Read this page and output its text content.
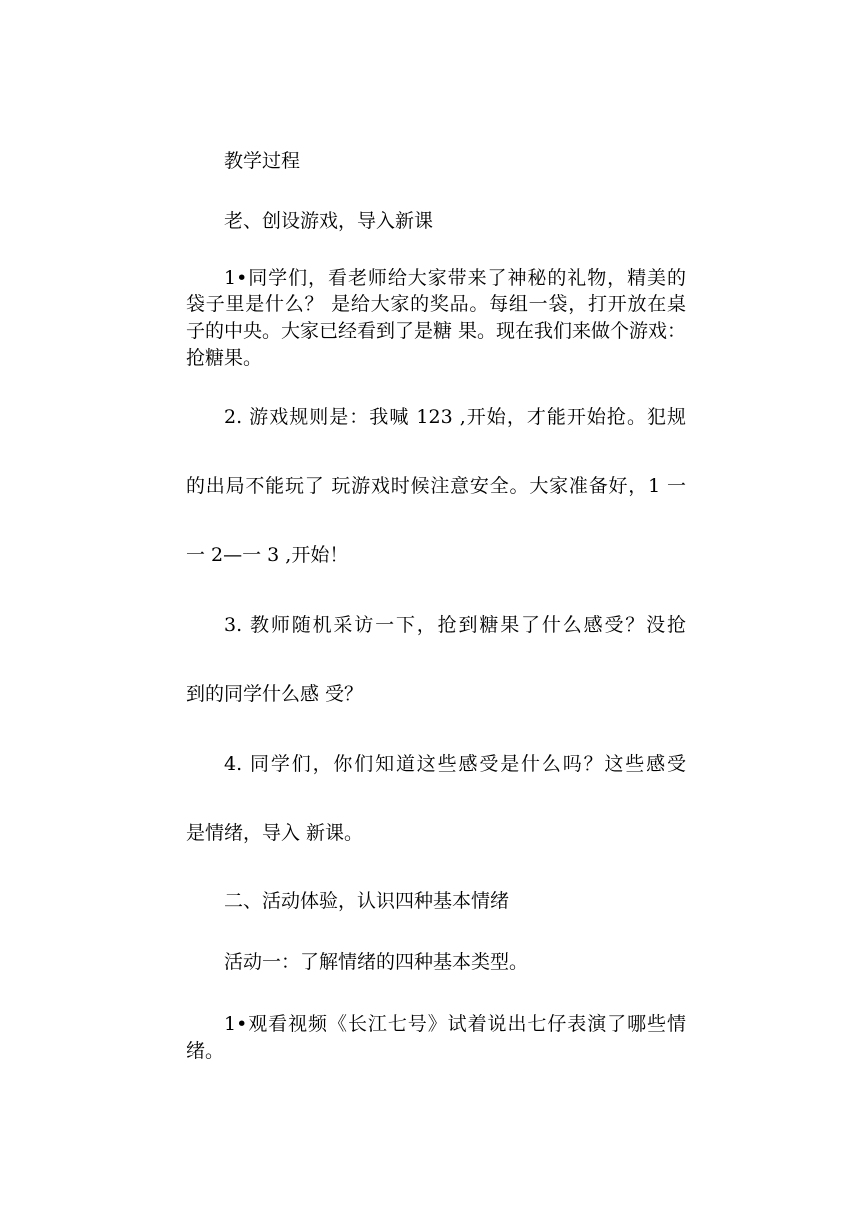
教学过程
老、创设游戏，导入新课
1•同学们，看老师给大家带来了神秘的礼物，精美的
袋子里是什么？ 是给大家的奖品。每组一袋，打开放在桌
子的中央。大家已经看到了是糖 果。现在我们来做个游戏：
抢糖果。
2. 游戏规则是：我喊 123 ,开始，才能开始抢。犯规
的出局不能玩了 玩游戏时候注意安全。大家准备好，1 一
一 2—一 3 ,开始！
3. 教师随机采访一下，抢到糖果了什么感受？没抢
到的同学什么感 受？
4. 同学们，你们知道这些感受是什么吗？这些感受
是情绪，导入 新课。
二、活动体验，认识四种基本情绪
活动一：了解情绪的四种基本类型。
1•观看视频《长江七号》试着说出七仔表演了哪些情
绪。
